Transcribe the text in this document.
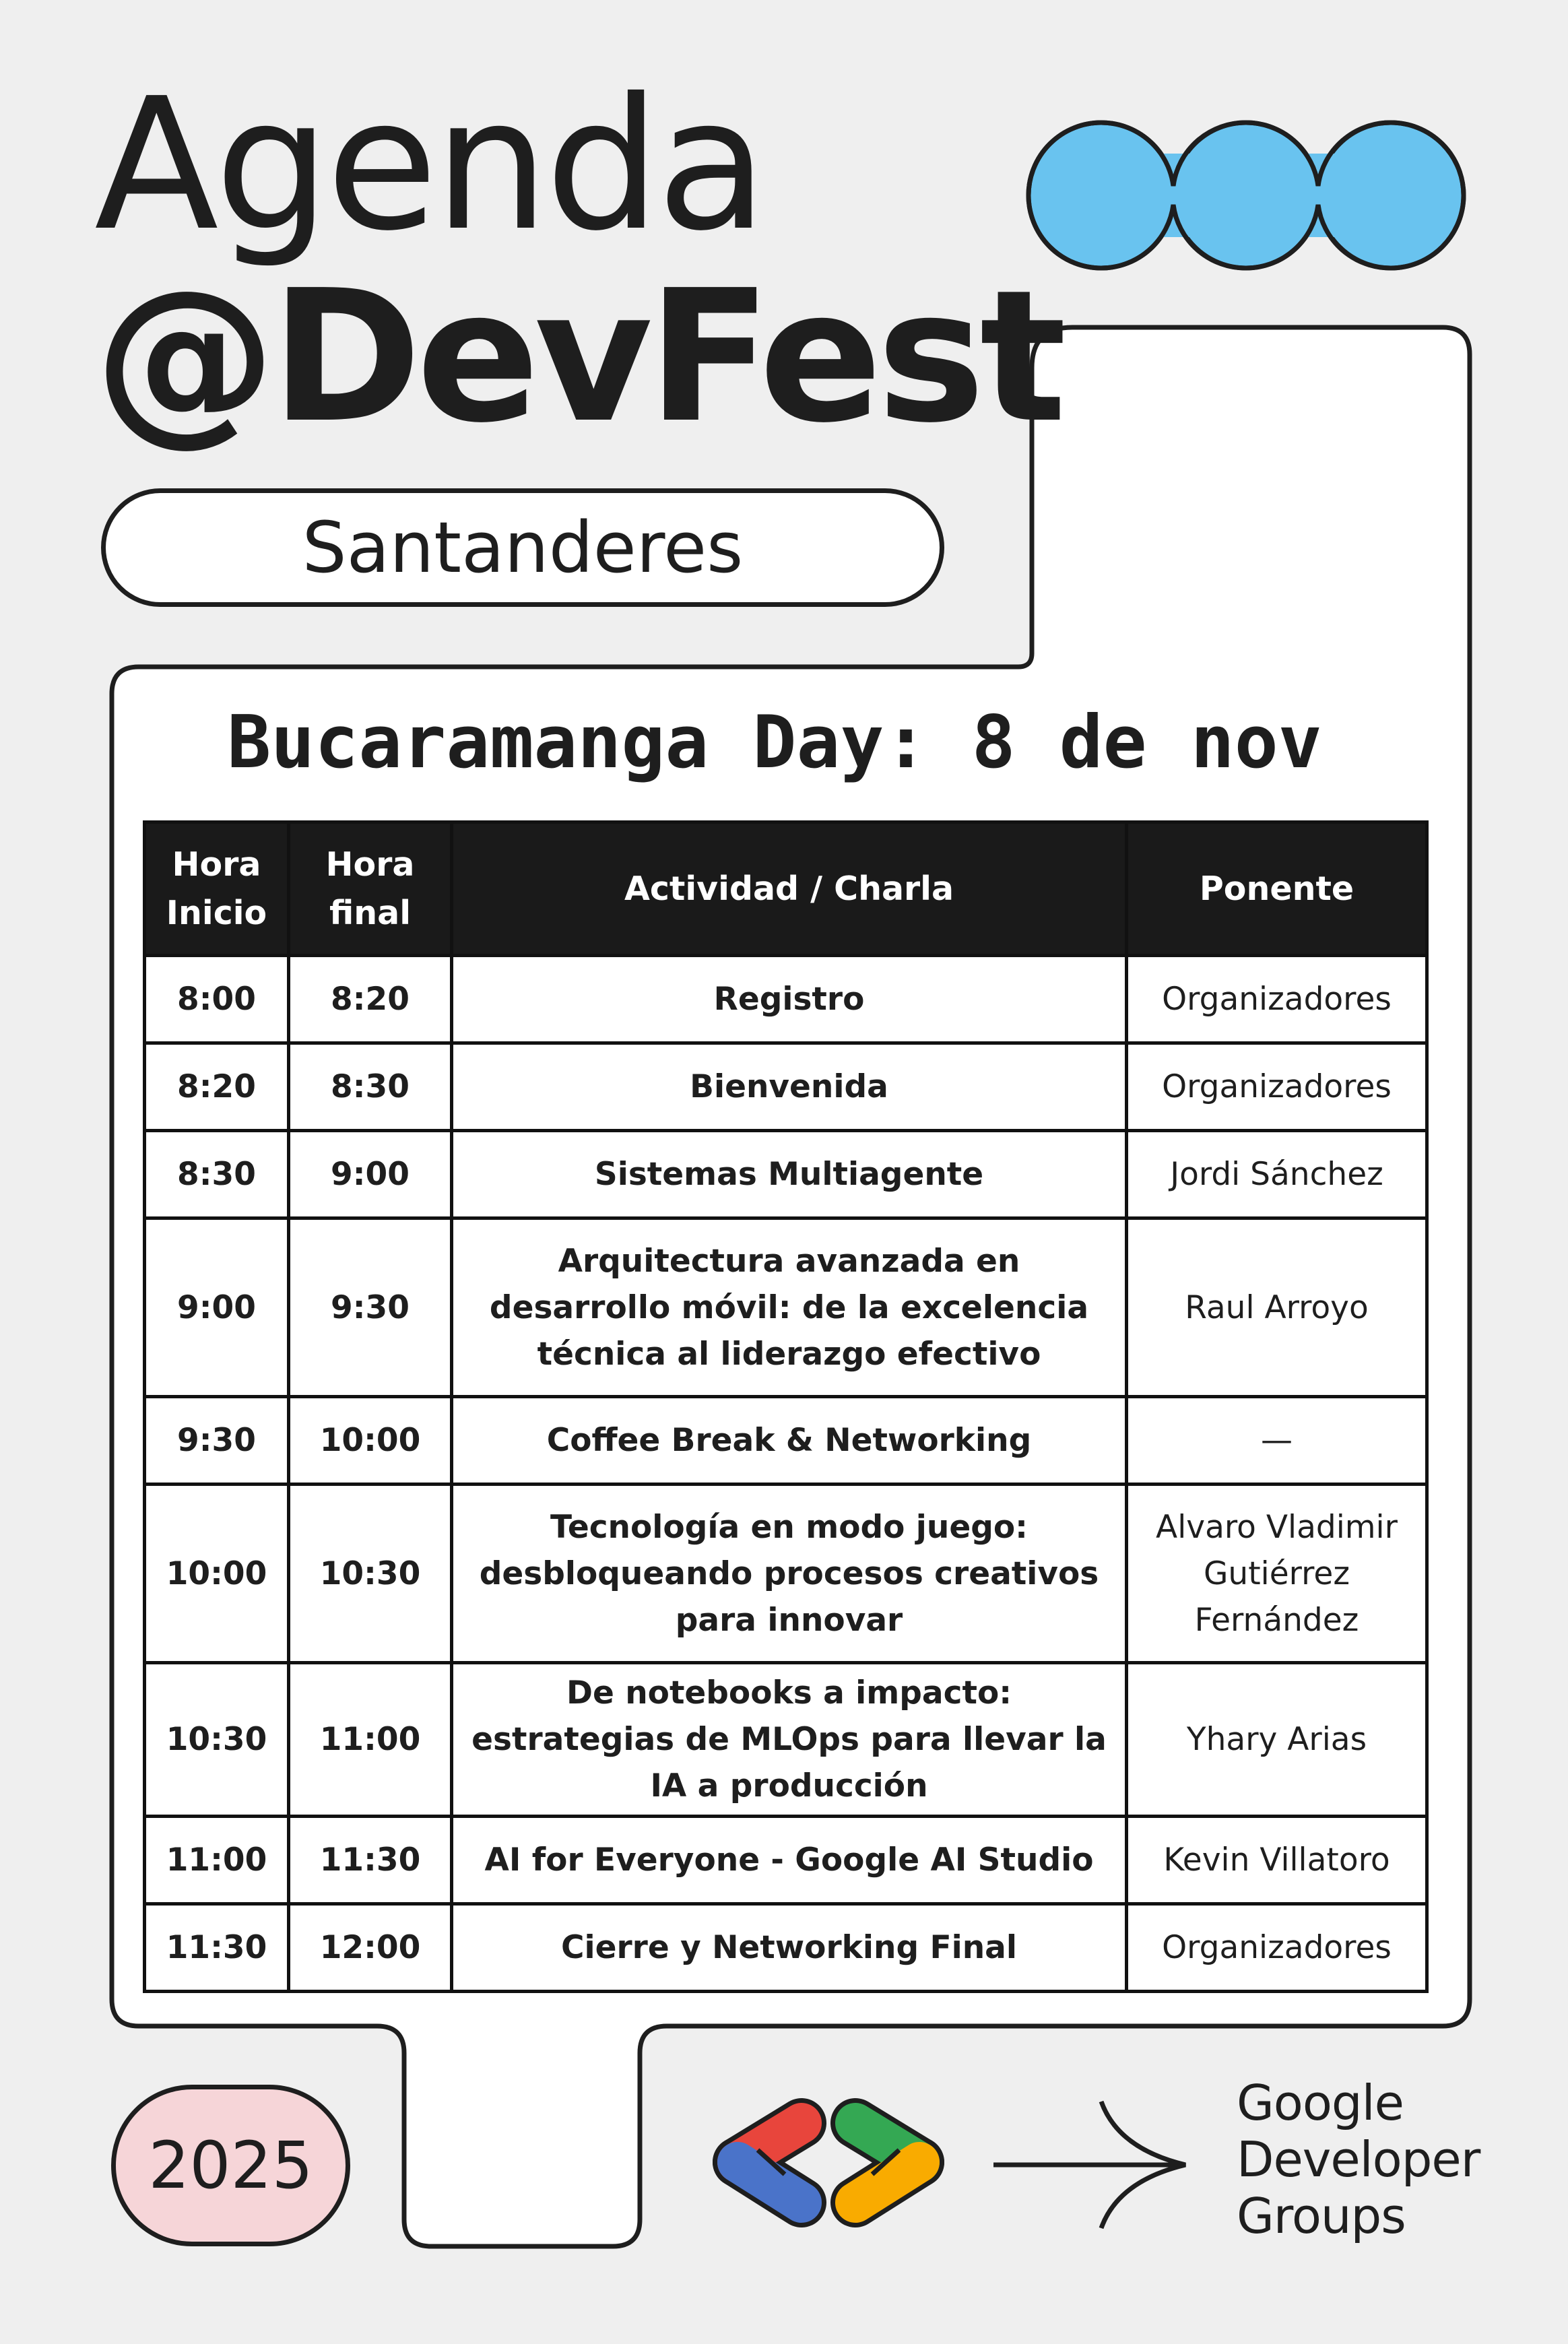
Agenda
@DevFest
Santanderes
Bucaramanga Day: 8 de nov
Hora Inicio	Hora final	Actividad / Charla	Ponente
8:00	8:20	Registro	Organizadores
8:20	8:30	Bienvenida	Organizadores
8:30	9:00	Sistemas Multiagente	Jordi Sánchez
9:00	9:30	Arquitectura avanzada en desarrollo móvil: de la excelencia técnica al liderazgo efectivo	Raul Arroyo
9:30	10:00	Coffee Break & Networking	—
10:00	10:30	Tecnología en modo juego: desbloqueando procesos creativos para innovar	Alvaro Vladimir Gutiérrez Fernández
10:30	11:00	De notebooks a impacto: estrategias de MLOps para llevar la IA a producción	Yhary Arias
11:00	11:30	AI for Everyone - Google AI Studio	Kevin Villatoro
11:30	12:00	Cierre y Networking Final	Organizadores
2025
Google
Developer
Groups
